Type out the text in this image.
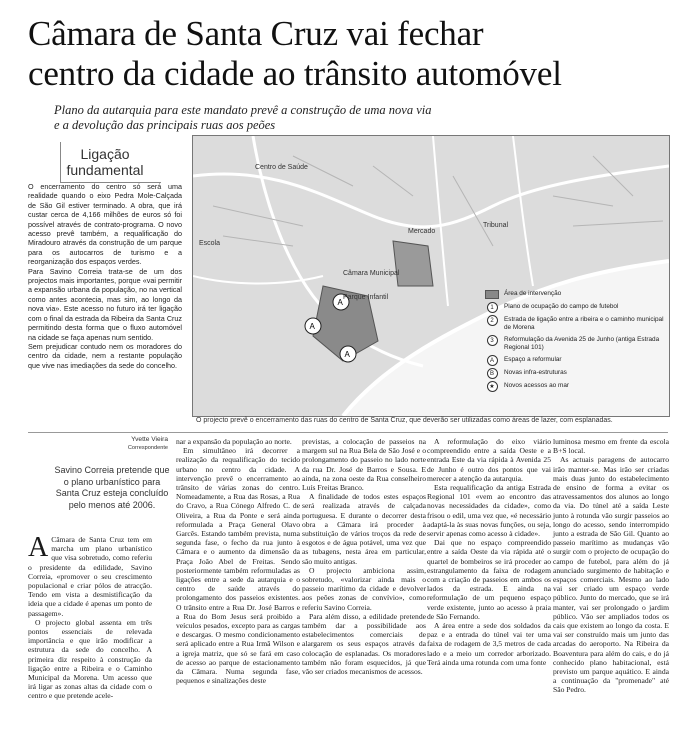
Câmara de Santa Cruz vai fechar
centro da cidade ao trânsito automóvel
Plano da autarquia para este mandato prevê a construção de uma nova via
e a devolução das principais ruas aos peões
Ligação
fundamental

O encerramento do centro só será uma realidade quando o eixo Pedra Mole-Calçada de São Gil estiver terminado. A obra, que irá custar cerca de 4,166 milhões de euros só foi possível através de contrato-programa. O novo acesso prevê também, a requalificação do Miradouro através da construção de um parque para os autocarros de turismo e a reorganização dos espaços verdes.

Para Savino Correia trata-se de um dos projectos mais importantes, porque «vai permitir a expansão urbana da população, no na vertical como antes acontecia, mas sim, ao longo da nova via». Este acesso no futuro irá ter ligação com o final da estrada da Ribeira da Santa Cruz permitindo desta forma que o fluxo automóvel na cidade se faça apenas num sentido.

Sem prejudicar contudo nem os moradores do centro da cidade, nem a restante população que vive nas imediações da sede do concelho.

A
A
A
Centro de Saúde
Escola
Tribunal
Câmara Municipal
Parque Infantil
Mercado
Área de intervenção
1	Plano de ocupação do campo de futebol
2	Estrada de ligação entre a ribeira e o caminho municipal de Morena
3	Reformulação da Avenida 25 de Junho (antiga Estrada Regional 101)
A	Espaço a reformular
B	Novas infra-estruturas
★	Novos acessos ao mar
O projecto prevê o encerramento das ruas do centro de Santa Cruz, que deverão ser utilizadas como áreas de lazer, com esplanadas.
Yvette Vieira
Correspondente
Savino Correia pretende que o plano urbanístico para Santa Cruz esteja concluído pelo menos até 2006.

A Câmara de Santa Cruz tem em marcha um plano urbanístico que visa sobretudo, como referiu o presidente da edilidade, Savino Correia, «promover o seu crescimento populacional e criar pólos de atracção. Tendo em vista a desmistificação da ideia que a cidade é apenas um ponto de passagem».

O projecto global assenta em três pontos essenciais de relevada importância e que irão modificar a estrutura da sede do concelho. A primeira diz respeito à construção da ligação entre a Ribeira e o Caminho Municipal da Morena. Um acesso que irá ligar as zonas altas da cidade com o centro e que pretende acele-

nar a expansão da população ao norte.

Em simultâneo irá decorrer a realização da requalificação do tecido urbano no centro da cidade. A intervenção prevê o encerramento ao trânsito de várias zonas do centro. Nomeadamente, a Rua das Rosas, a Rua do Cravo, a Rua Cónego Alfredo C. de Oliveira, a Rua da Ponte e será ainda reformulada a Praça General Olavo Garcês. Estando também prevista, numa segunda fase, o fecho da rua junto à Câmara e o aumento da dimensão da Praça João Abel de Freitas. Sendo posteriormente também reformuladas as ligações entre a sede da autarquia e o centro de saúde através do prolongamento dos passeios existentes. O trânsito entre a Rua Dr. José Barros e a Rua do Bom Jesus será proibido a veículos pesados, excepto para as cargas e descargas. O mesmo condicionamento será aplicado entre a Rua Irmã Wilson e a igreja matriz, que só se fará em caso de acesso ao parque de estacionamento da Câmara. Numa segunda fase, pequenos e sinalizações deste

previstas, a colocação de passeios na margem sul na Rua Bela de São José e o prolongamento do passeio no lado norte da rua Dr. José de Barros e Sousa. E ainda, na zona oeste da Rua conselheiro Luís Freitas Branco.

A finalidade de todos estes espaços será realizada através de calçada portuguesa. E durante o decorrer desta obra a Câmara irá proceder à substituição de vários troços da rede de esgotos e de água potável, uma vez que as tubagens, nesta área em particular, são muito antigas.

O projecto ambiciona assim, sobretudo, «valorizar ainda mais o passeio marítimo da cidade e devolver aos peões zonas de convívio», como referiu Savino Correia.

Para além disso, a edilidade pretende também dar a possibilidade aos estabelecimentos comerciais de alargarem os seus espaços através da colocação de esplanadas. Os moradores também não foram esquecidos, já que vão ser criados mecanismos de acessos.

A reformulação do eixo viário compreendido entre a saída Oeste e a entrada Este da via rápida à Avenida 25 de Junho é outro dos pontos que vai merecer a atenção da autarquia.

Esta requalificação da antiga Estrada Regional 101 «vem ao encontro das novas necessidades da cidade», como frisou o edil, uma vez que, «é necessário adaptá-la às suas novas funções, ou seja, servir apenas como acesso à cidade».

Dai que no espaço compreendido entre a saída Oeste da via rápida até o quartel de bombeiros se irá proceder ao estrangulamento da faixa de rodagem com a criação de passeios em ambos os lados da estrada. E ainda na reformulação de um pequeno espaço verde existente, junto ao acesso à praia de São Fernando.

A área entre a sede dos soldados da paz e a entrada do túnel vai ter uma faixa de rodagem de 3,5 metros de cada lado e a meio um corredor arborizado. Terá ainda uma rotunda com uma fonte

luminosa mesmo em frente da escola B+S local.

As actuais paragens de autocarro irão manter-se. Mas irão ser criadas mais duas junto do estabelecimento de ensino de forma a evitar os atravessamentos dos alunos ao longo da via. Do túnel até a saída Leste junto à rotunda vão surgir passeios ao longo do acesso, sendo interrompido junto a estrada de São Gil. Quanto ao passeio marítimo as mudanças vão surgir com o projecto de ocupação do campo de futebol, para além do já anunciado surgimento de habitação e espaços comerciais. Mesmo ao lado vai ser criado um espaço verde público. Junto do mercado, que se irá manter, vai ser prolongado o jardim público. Vão ser ampliados todos os cais que existem ao longo da costa. E vai ser construído mais um junto das arcadas do aeroporto. Na Ribeira da Boaventura para além do cais, e do já conhecido plano habitacional, está previsto um parque aquático. E ainda a continuação da "promenade" até São Pedro.
